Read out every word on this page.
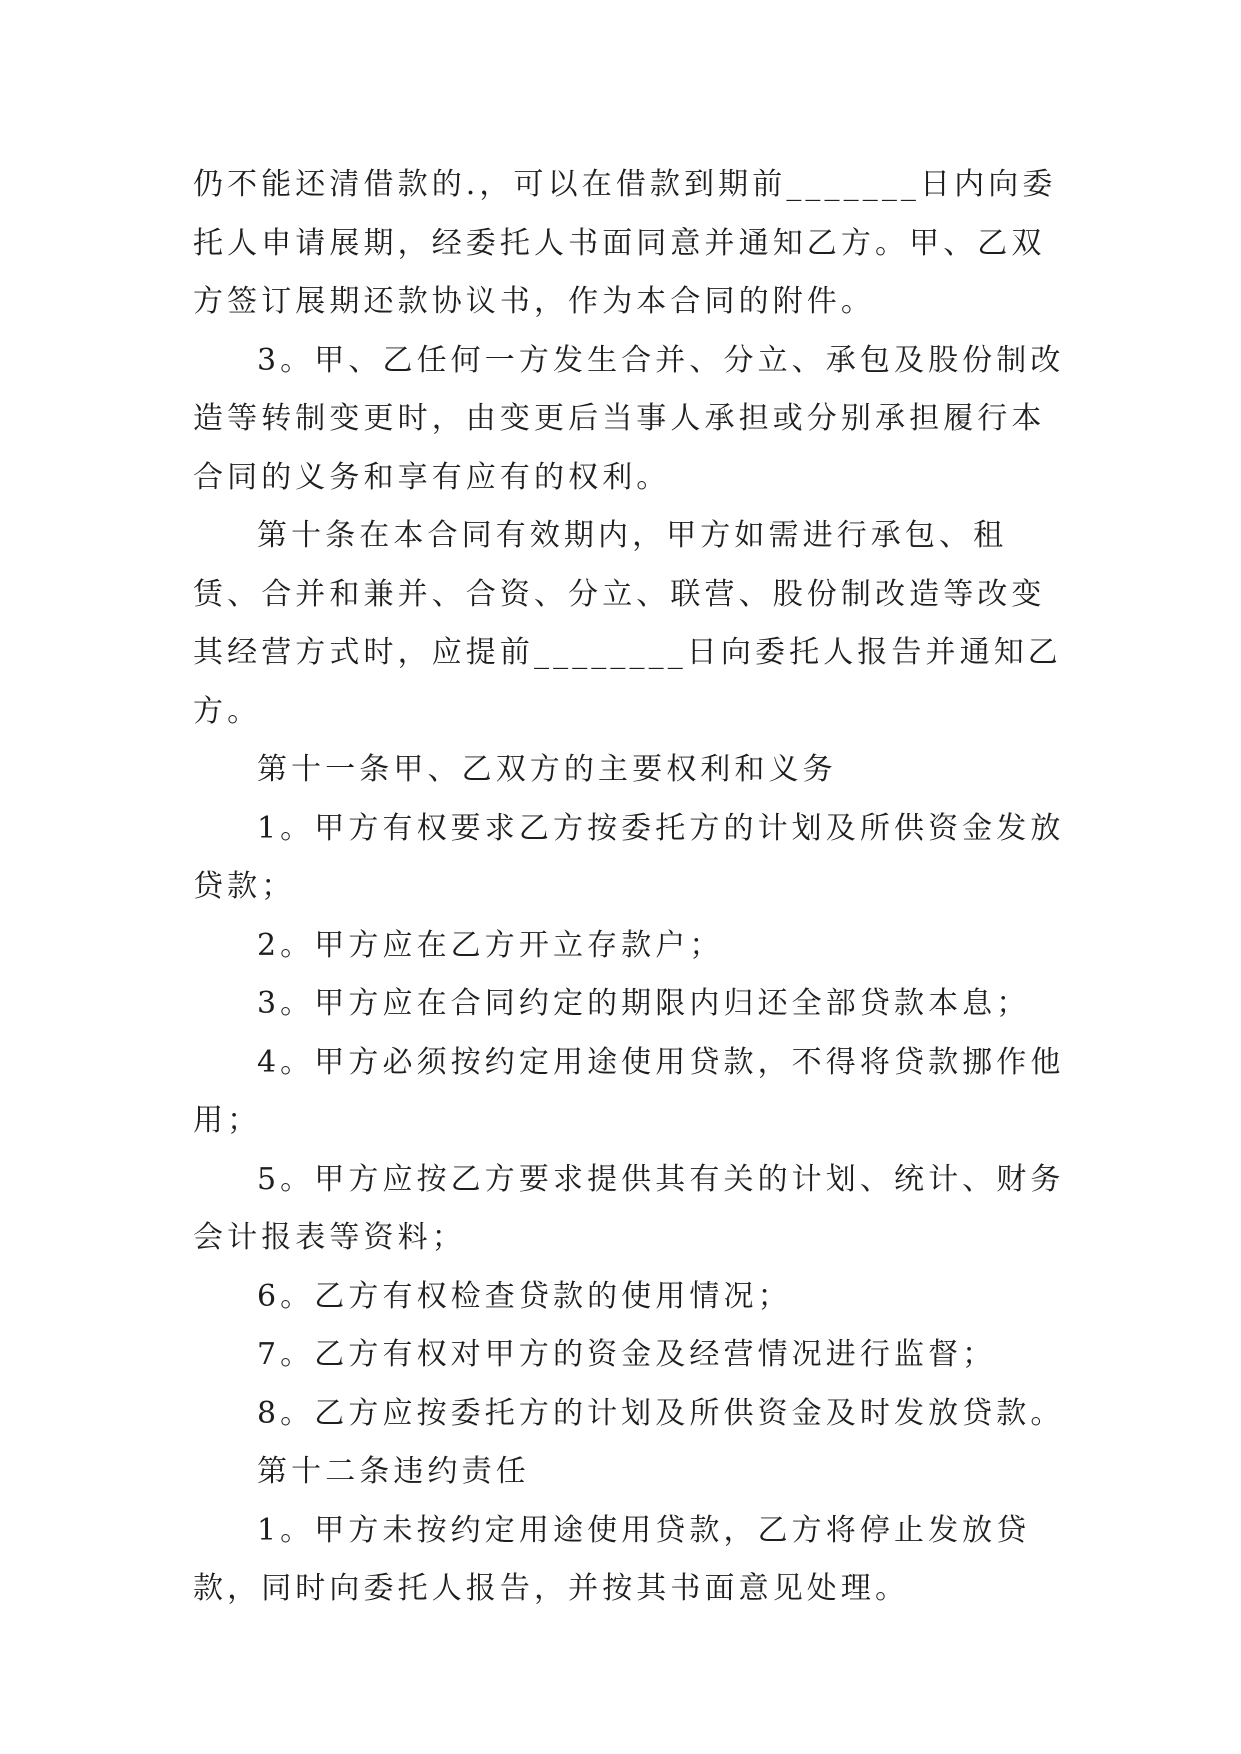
仍不能还清借款的.，可以在借款到期前_______日内向委托人申请展期，经委托人书面同意并通知乙方。甲、乙双方签订展期还款协议书，作为本合同的附件。

3。甲、乙任何一方发生合并、分立、承包及股份制改造等转制变更时，由变更后当事人承担或分别承担履行本合同的义务和享有应有的权利。

第十条在本合同有效期内，甲方如需进行承包、租赁、合并和兼并、合资、分立、联营、股份制改造等改变其经营方式时，应提前________日向委托人报告并通知乙方。

第十一条甲、乙双方的主要权利和义务

1。甲方有权要求乙方按委托方的计划及所供资金发放贷款；

2。甲方应在乙方开立存款户；

3。甲方应在合同约定的期限内归还全部贷款本息；

4。甲方必须按约定用途使用贷款，不得将贷款挪作他用；

5。甲方应按乙方要求提供其有关的计划、统计、财务会计报表等资料；

6。乙方有权检查贷款的使用情况；

7。乙方有权对甲方的资金及经营情况进行监督；

8。乙方应按委托方的计划及所供资金及时发放贷款。

第十二条违约责任

1。甲方未按约定用途使用贷款，乙方将停止发放贷款，同时向委托人报告，并按其书面意见处理。
